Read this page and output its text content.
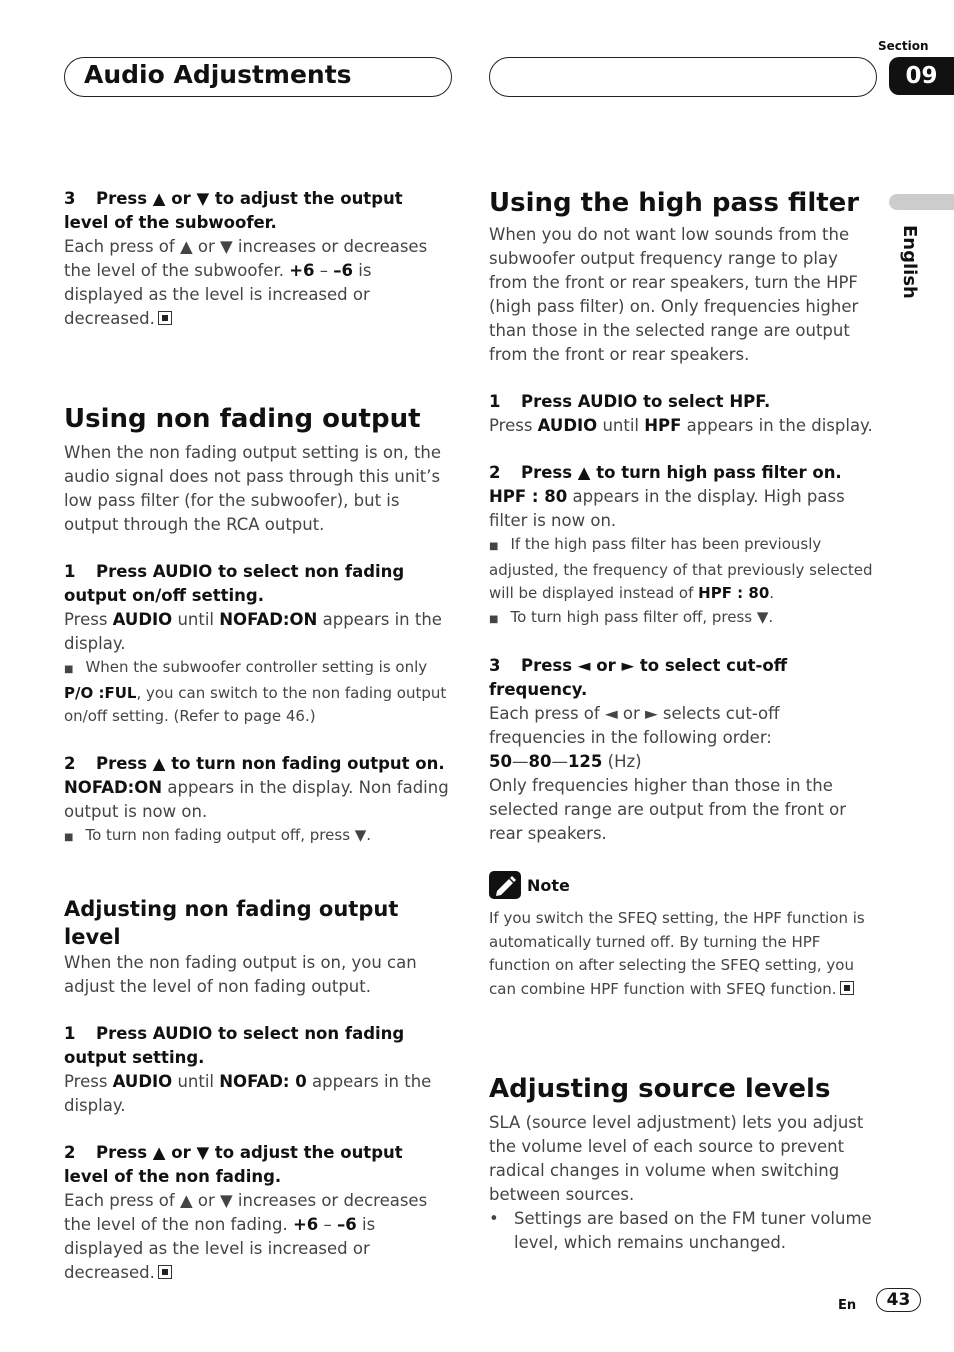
Audio Adjustments
Section
09
English

3 Press ▲ or ▼ to adjust the output level of the subwoofer.

Each press of ▲ or ▼ increases or decreases the level of the subwoofer. +6 – –6 is displayed as the level is increased or decreased.

Using non fading output

When the non fading output setting is on, the audio signal does not pass through this unit’s low pass filter (for the subwoofer), but is output through the RCA output.

1 Press AUDIO to select non fading output on/off setting.

Press AUDIO until NOFAD:ON appears in the display.

■ When the subwoofer controller setting is only P/O :FUL, you can switch to the non fading output on/off setting. (Refer to page 46.)

2 Press ▲ to turn non fading output on.

NOFAD:ON appears in the display. Non fading output is now on.

■ To turn non fading output off, press ▼.

Adjusting non fading output level

When the non fading output is on, you can adjust the level of non fading output.

1 Press AUDIO to select non fading output setting.

Press AUDIO until NOFAD: 0 appears in the display.

2 Press ▲ or ▼ to adjust the output level of the non fading.

Each press of ▲ or ▼ increases or decreases the level of the non fading. +6 – –6 is displayed as the level is increased or decreased.

Using the high pass filter

When you do not want low sounds from the subwoofer output frequency range to play from the front or rear speakers, turn the HPF (high pass filter) on. Only frequencies higher than those in the selected range are output from the front or rear speakers.

1 Press AUDIO to select HPF.

Press AUDIO until HPF appears in the display.

2 Press ▲ to turn high pass filter on.

HPF : 80 appears in the display. High pass filter is now on.

■ If the high pass filter has been previously adjusted, the frequency of that previously selected will be displayed instead of HPF : 80.

■ To turn high pass filter off, press ▼.

3 Press ◄ or ► to select cut-off frequency.

Each press of ◄ or ► selects cut-off frequencies in the following order:

50—80—125 (Hz)

Only frequencies higher than those in the selected range are output from the front or rear speakers.

Note

If you switch the SFEQ setting, the HPF function is automatically turned off. By turning the HPF function on after selecting the SFEQ setting, you can combine HPF function with SFEQ function.

Adjusting source levels

SLA (source level adjustment) lets you adjust the volume level of each source to prevent radical changes in volume when switching between sources.

• Settings are based on the FM tuner volume level, which remains unchanged.
En	43
